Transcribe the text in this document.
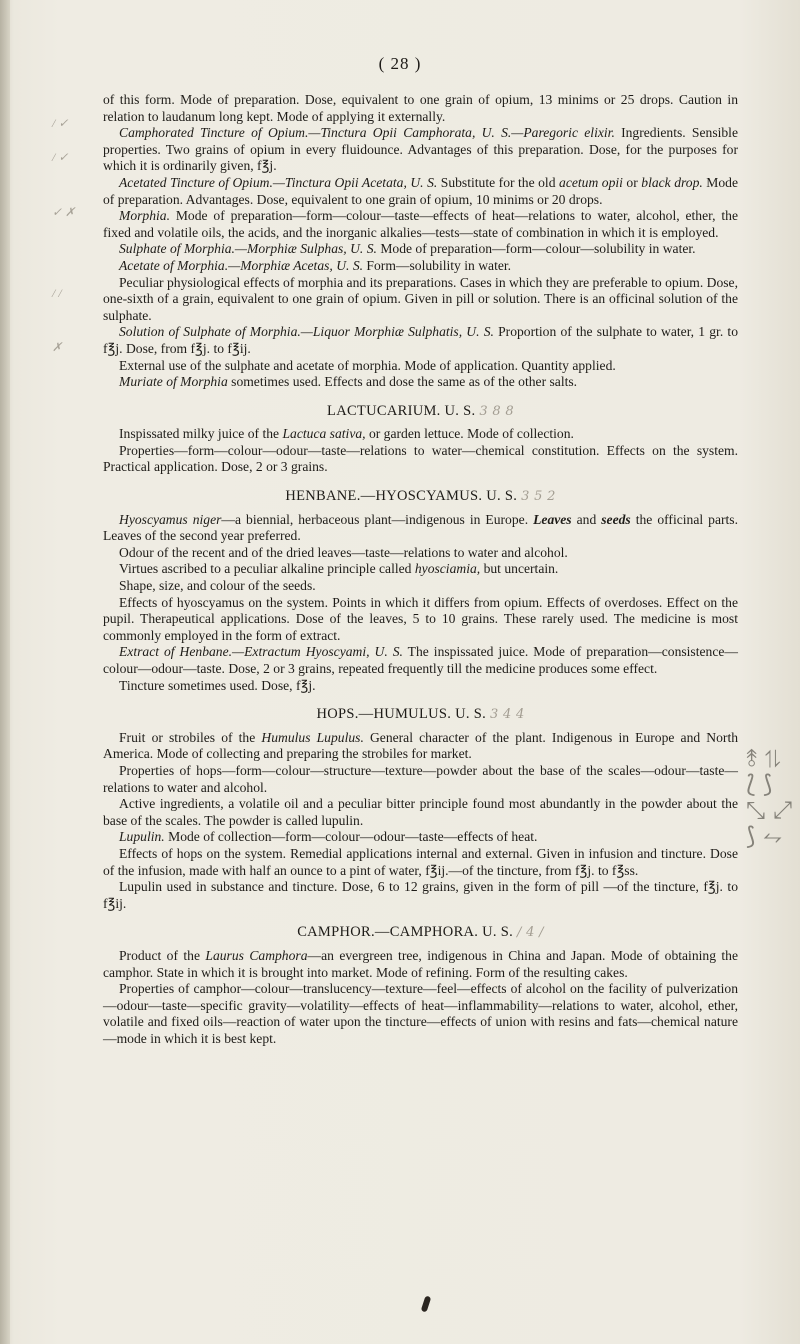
( 28 )
/ ✓
/ ✓
✓ ✗
/ /
✗
⥉ ⥮
⟅ ⟆
⤡ ⤢
⟆ ⥊

of this form. Mode of preparation. Dose, equivalent to one grain of opium, 13 minims or 25 drops. Caution in relation to laudanum long kept. Mode of applying it externally.

Camphorated Tincture of Opium.—Tinctura Opii Camphorata, U. S.—Paregoric elixir. Ingredients. Sensible properties. Two grains of opium in every fluidounce. Advantages of this preparation. Dose, for the purposes for which it is ordinarily given, f℥j.

Acetated Tincture of Opium.—Tinctura Opii Acetata, U. S. Substitute for the old acetum opii or black drop. Mode of preparation. Advantages. Dose, equivalent to one grain of opium, 10 minims or 20 drops.

Morphia. Mode of preparation—form—colour—taste—effects of heat—relations to water, alcohol, ether, the fixed and volatile oils, the acids, and the inorganic alkalies—tests—state of combination in which it is employed.

Sulphate of Morphia.—Morphiæ Sulphas, U. S. Mode of preparation—form—colour—solubility in water.

Acetate of Morphia.—Morphiæ Acetas, U. S. Form—solubility in water.

Peculiar physiological effects of morphia and its preparations. Cases in which they are preferable to opium. Dose, one-sixth of a grain, equivalent to one grain of opium. Given in pill or solution. There is an officinal solution of the sulphate.

Solution of Sulphate of Morphia.—Liquor Morphiæ Sulphatis, U. S. Proportion of the sulphate to water, 1 gr. to f℥j. Dose, from f℥j. to f℥ij.

External use of the sulphate and acetate of morphia. Mode of application. Quantity applied.

Muriate of Morphia sometimes used. Effects and dose the same as of the other salts.

LACTUCARIUM. U. S. 3 8 8

Inspissated milky juice of the Lactuca sativa, or garden lettuce. Mode of collection.

Properties—form—colour—odour—taste—relations to water—chemical constitution. Effects on the system. Practical application. Dose, 2 or 3 grains.

HENBANE.—HYOSCYAMUS. U. S. 3 5 2

Hyoscyamus niger—a biennial, herbaceous plant—indigenous in Europe. Leaves and seeds the officinal parts. Leaves of the second year preferred.

Odour of the recent and of the dried leaves—taste—relations to water and alcohol.

Virtues ascribed to a peculiar alkaline principle called hyosciamia, but uncertain.

Shape, size, and colour of the seeds.

Effects of hyoscyamus on the system. Points in which it differs from opium. Effects of overdoses. Effect on the pupil. Therapeutical applications. Dose of the leaves, 5 to 10 grains. These rarely used. The medicine is most commonly employed in the form of extract.

Extract of Henbane.—Extractum Hyoscyami, U. S. The inspissated juice. Mode of preparation—consistence—colour—odour—taste. Dose, 2 or 3 grains, repeated frequently till the medicine produces some effect.

Tincture sometimes used. Dose, f℥j.

HOPS.—HUMULUS. U. S. 3 4 4

Fruit or strobiles of the Humulus Lupulus. General character of the plant. Indigenous in Europe and North America. Mode of collecting and preparing the strobiles for market.

Properties of hops—form—colour—structure—texture—powder about the base of the scales—odour—taste—relations to water and alcohol.

Active ingredients, a volatile oil and a peculiar bitter principle found most abundantly in the powder about the base of the scales. The powder is called lupulin.

Lupulin. Mode of collection—form—colour—odour—taste—effects of heat.

Effects of hops on the system. Remedial applications internal and external. Given in infusion and tincture. Dose of the infusion, made with half an ounce to a pint of water, f℥ij.—of the tincture, from f℥j. to f℥ss.

Lupulin used in substance and tincture. Dose, 6 to 12 grains, given in the form of pill —of the tincture, f℥j. to f℥ij.

CAMPHOR.—CAMPHORA. U. S. / 4 /

Product of the Laurus Camphora—an evergreen tree, indigenous in China and Japan. Mode of obtaining the camphor. State in which it is brought into market. Mode of refining. Form of the resulting cakes.

Properties of camphor—colour—translucency—texture—feel—effects of alcohol on the facility of pulverization—odour—taste—specific gravity—volatility—effects of heat—inflammability—relations to water, alcohol, ether, volatile and fixed oils—reaction of water upon the tincture—effects of union with resins and fats—chemical nature—mode in which it is best kept.
